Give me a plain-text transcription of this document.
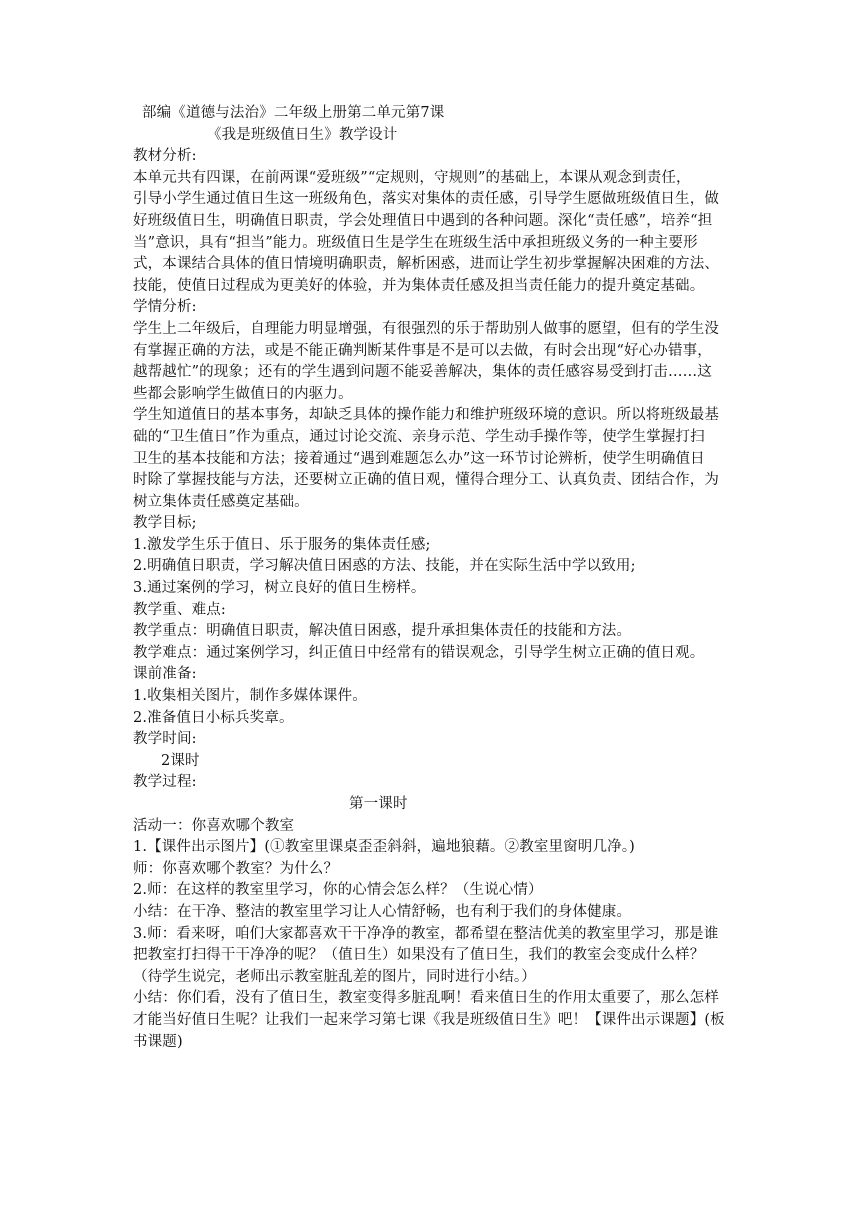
部编《道德与法治》二年级上册第二单元第7课
《我是班级值日生》教学设计
教材分析:
本单元共有四课，在前两课“爱班级”“定规则，守规则”的基础上，本课从观念到责任，
引导小学生通过值日生这一班级角色，落实对集体的责任感，引导学生愿做班级值日生，做
好班级值日生，明确值日职责，学会处理值日中遇到的各种问题。深化“责任感”，培养“担
当”意识，具有“担当”能力。班级值日生是学生在班级生活中承担班级义务的一种主要形
式，本课结合具体的值日情境明确职责，解析困惑，进而让学生初步掌握解决困难的方法、
技能，使值日过程成为更美好的体验，并为集体责任感及担当责任能力的提升奠定基础。
学情分析:
学生上二年级后，自理能力明显增强，有很强烈的乐于帮助别人做事的愿望，但有的学生没
有掌握正确的方法，或是不能正确判断某件事是不是可以去做，有时会出现“好心办错事，
越帮越忙”的现象；还有的学生遇到问题不能妥善解决，集体的责任感容易受到打击……这
些都会影响学生做值日的内驱力。
学生知道值日的基本事务，却缺乏具体的操作能力和维护班级环境的意识。所以将班级最基
础的“卫生值日”作为重点，通过讨论交流、亲身示范、学生动手操作等，使学生掌握打扫
卫生的基本技能和方法；接着通过“遇到难题怎么办”这一环节讨论辨析，使学生明确值日
时除了掌握技能与方法，还要树立正确的值日观，懂得合理分工、认真负责、团结合作，为
树立集体责任感奠定基础。
教学目标;
1.激发学生乐于值日、乐于服务的集体责任感;
2.明确值日职责，学习解决值日困惑的方法、技能，并在实际生活中学以致用;
3.通过案例的学习，树立良好的值日生榜样。
教学重、难点:
教学重点：明确值日职责，解决值日困惑，提升承担集体责任的技能和方法。
教学难点：通过案例学习，纠正值日中经常有的错误观念，引导学生树立正确的值日观。
课前准备:
1.收集相关图片，制作多媒体课件。
2.准备值日小标兵奖章。
教学时间:
2课时
教学过程:
第一课时
活动一：你喜欢哪个教室
1.【课件出示图片】(①教室里课桌歪歪斜斜，遍地狼藉。②教室里窗明几净。)
师：你喜欢哪个教室？为什么？
2.师：在这样的教室里学习，你的心情会怎么样？（生说心情）
小结：在干净、整洁的教室里学习让人心情舒畅，也有利于我们的身体健康。
3.师：看来呀，咱们大家都喜欢干干净净的教室，都希望在整洁优美的教室里学习，那是谁
把教室打扫得干干净净的呢？（值日生）如果没有了值日生，我们的教室会变成什么样？
（待学生说完，老师出示教室脏乱差的图片，同时进行小结。）
小结：你们看，没有了值日生，教室变得多脏乱啊！看来值日生的作用太重要了，那么怎样
才能当好值日生呢？让我们一起来学习第七课《我是班级值日生》吧！【课件出示课题】(板
书课题)
